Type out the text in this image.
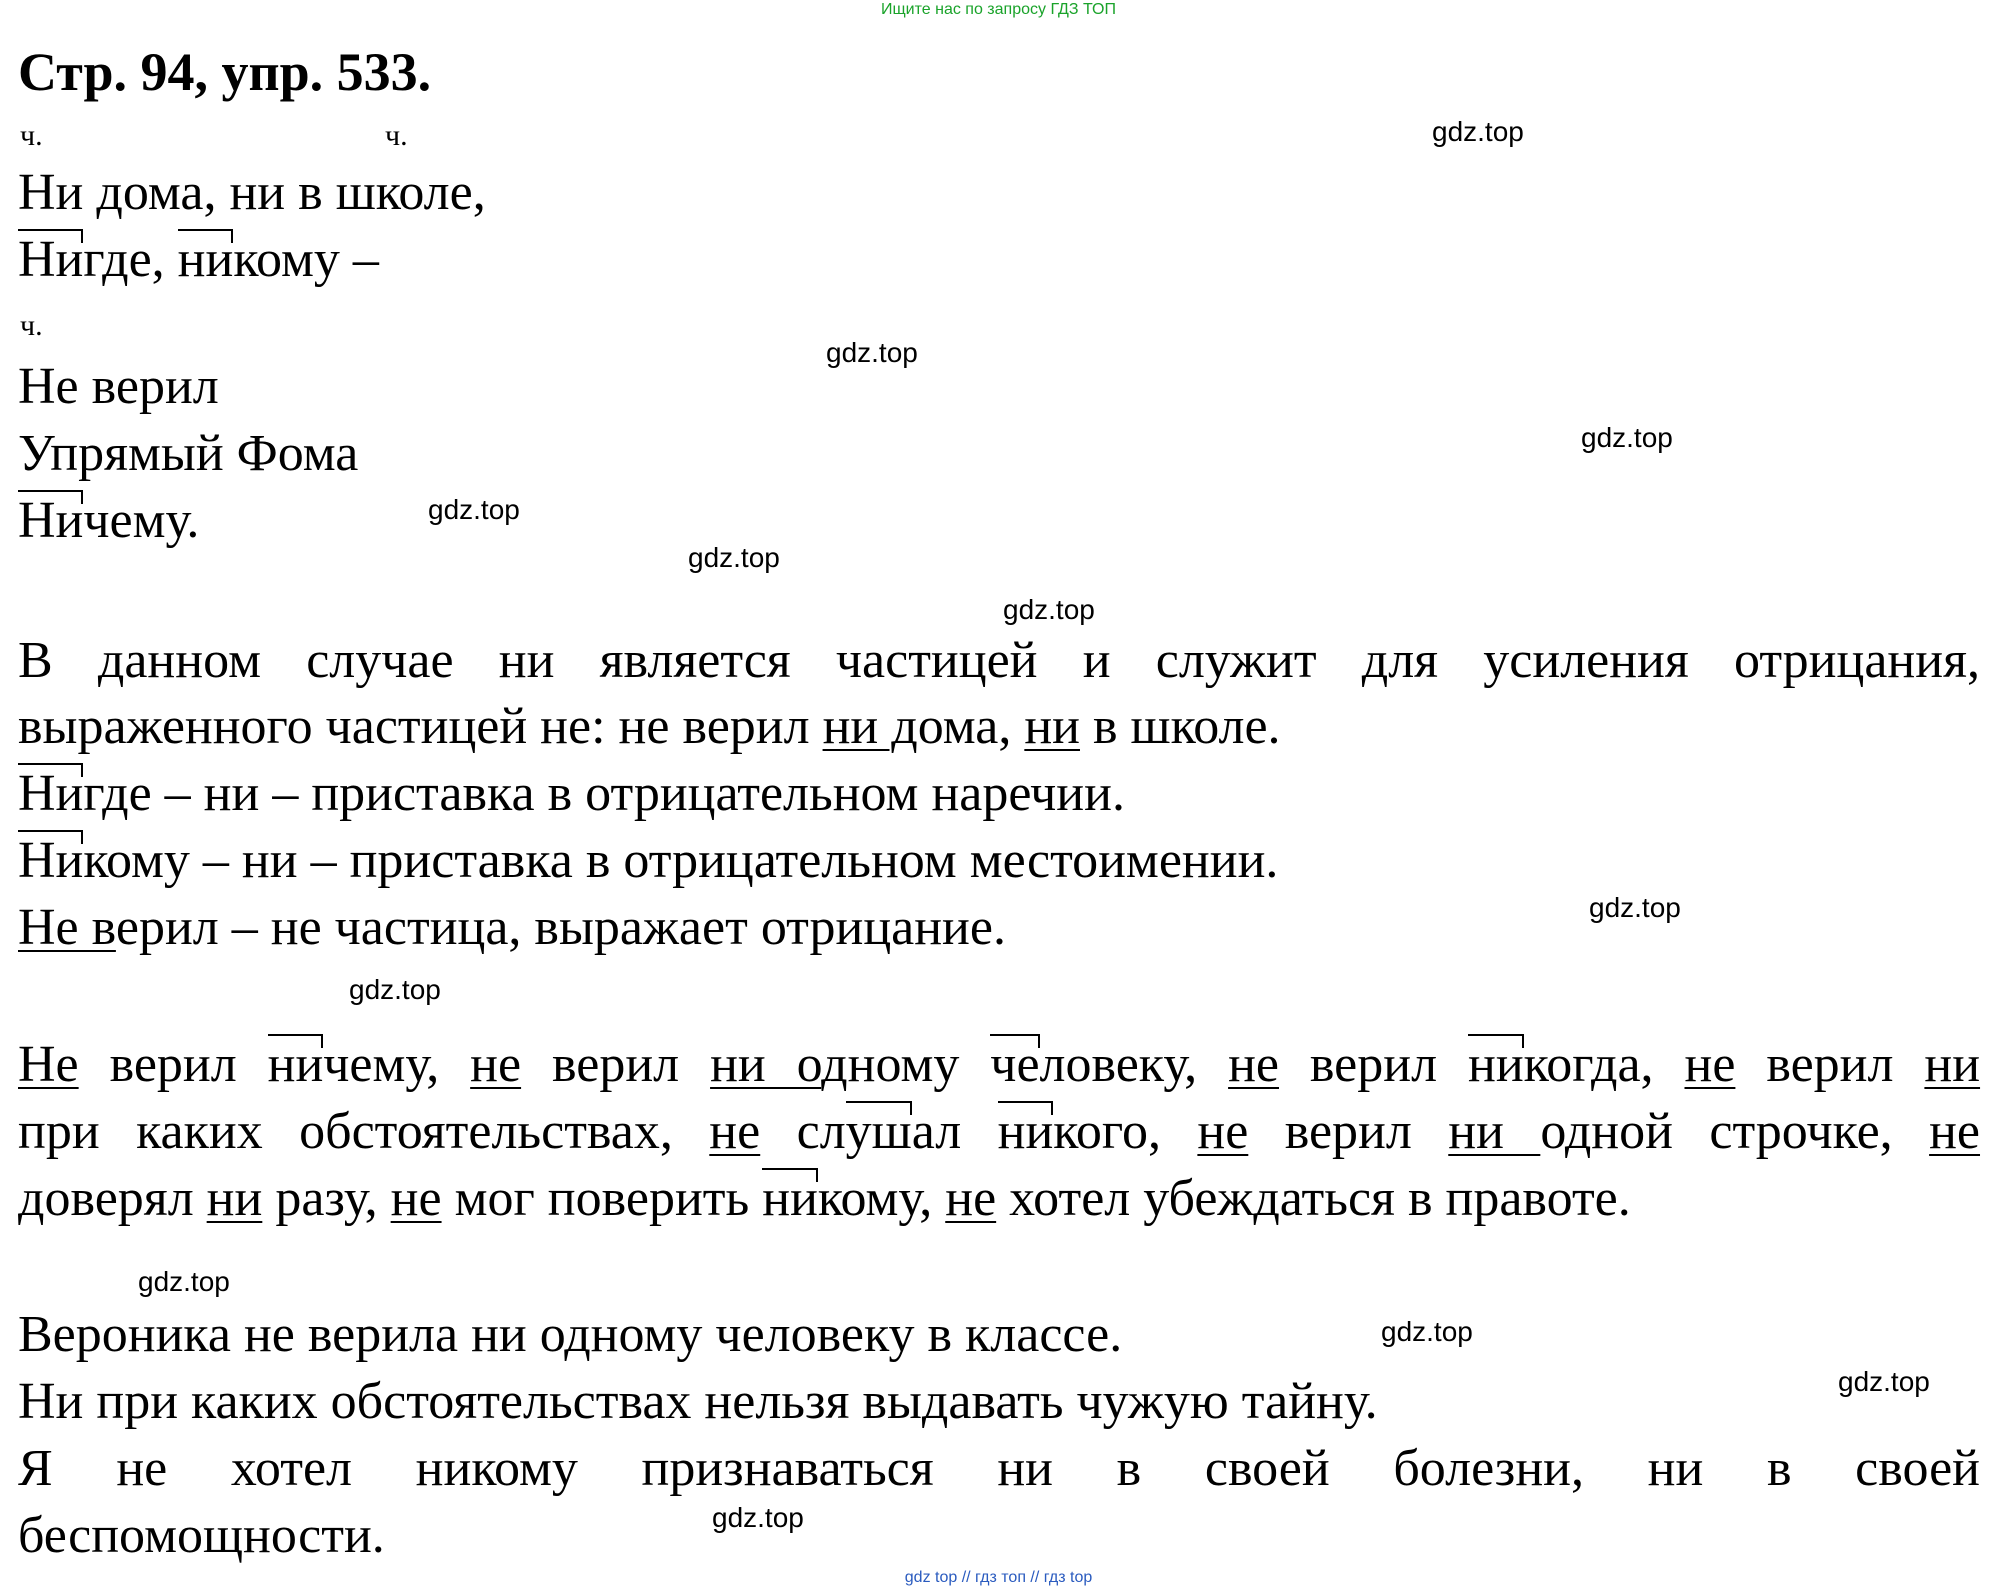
Ищите нас по запросу ГДЗ ТОП
Стр. 94, упр. 533.
ч.	ч.
ч.
Ни дома, ни в школе,
Нигде, никому –
Не верил
Упрямый Фома
Ничему.
В данном случае ни является частицей и служит для усиления отрицания,
выраженного частицей не: не верил ни дома, ни в школе.
Нигде – ни – приставка в отрицательном наречии.
Никому – ни – приставка в отрицательном местоимении.
Не верил – не частица, выражает отрицание.
Не верил ничему, не верил ни одному человеку, не верил никогда, не верил ни
при каких обстоятельствах, не слушал никого, не верил ни одной строчке, не
доверял ни разу, не мог поверить никому, не хотел убеждаться в правоте.
Вероника не верила ни одному человеку в классе.
Ни при каких обстоятельствах нельзя выдавать чужую тайну.
Я не хотел никому признаваться ни в своей болезни, ни в своей
беспомощности.
gdz.top
gdz.top
gdz.top
gdz.top
gdz.top
gdz.top
gdz.top
gdz.top
gdz.top
gdz.top
gdz.top
gdz.top
gdz top // гдз топ // гдз top
